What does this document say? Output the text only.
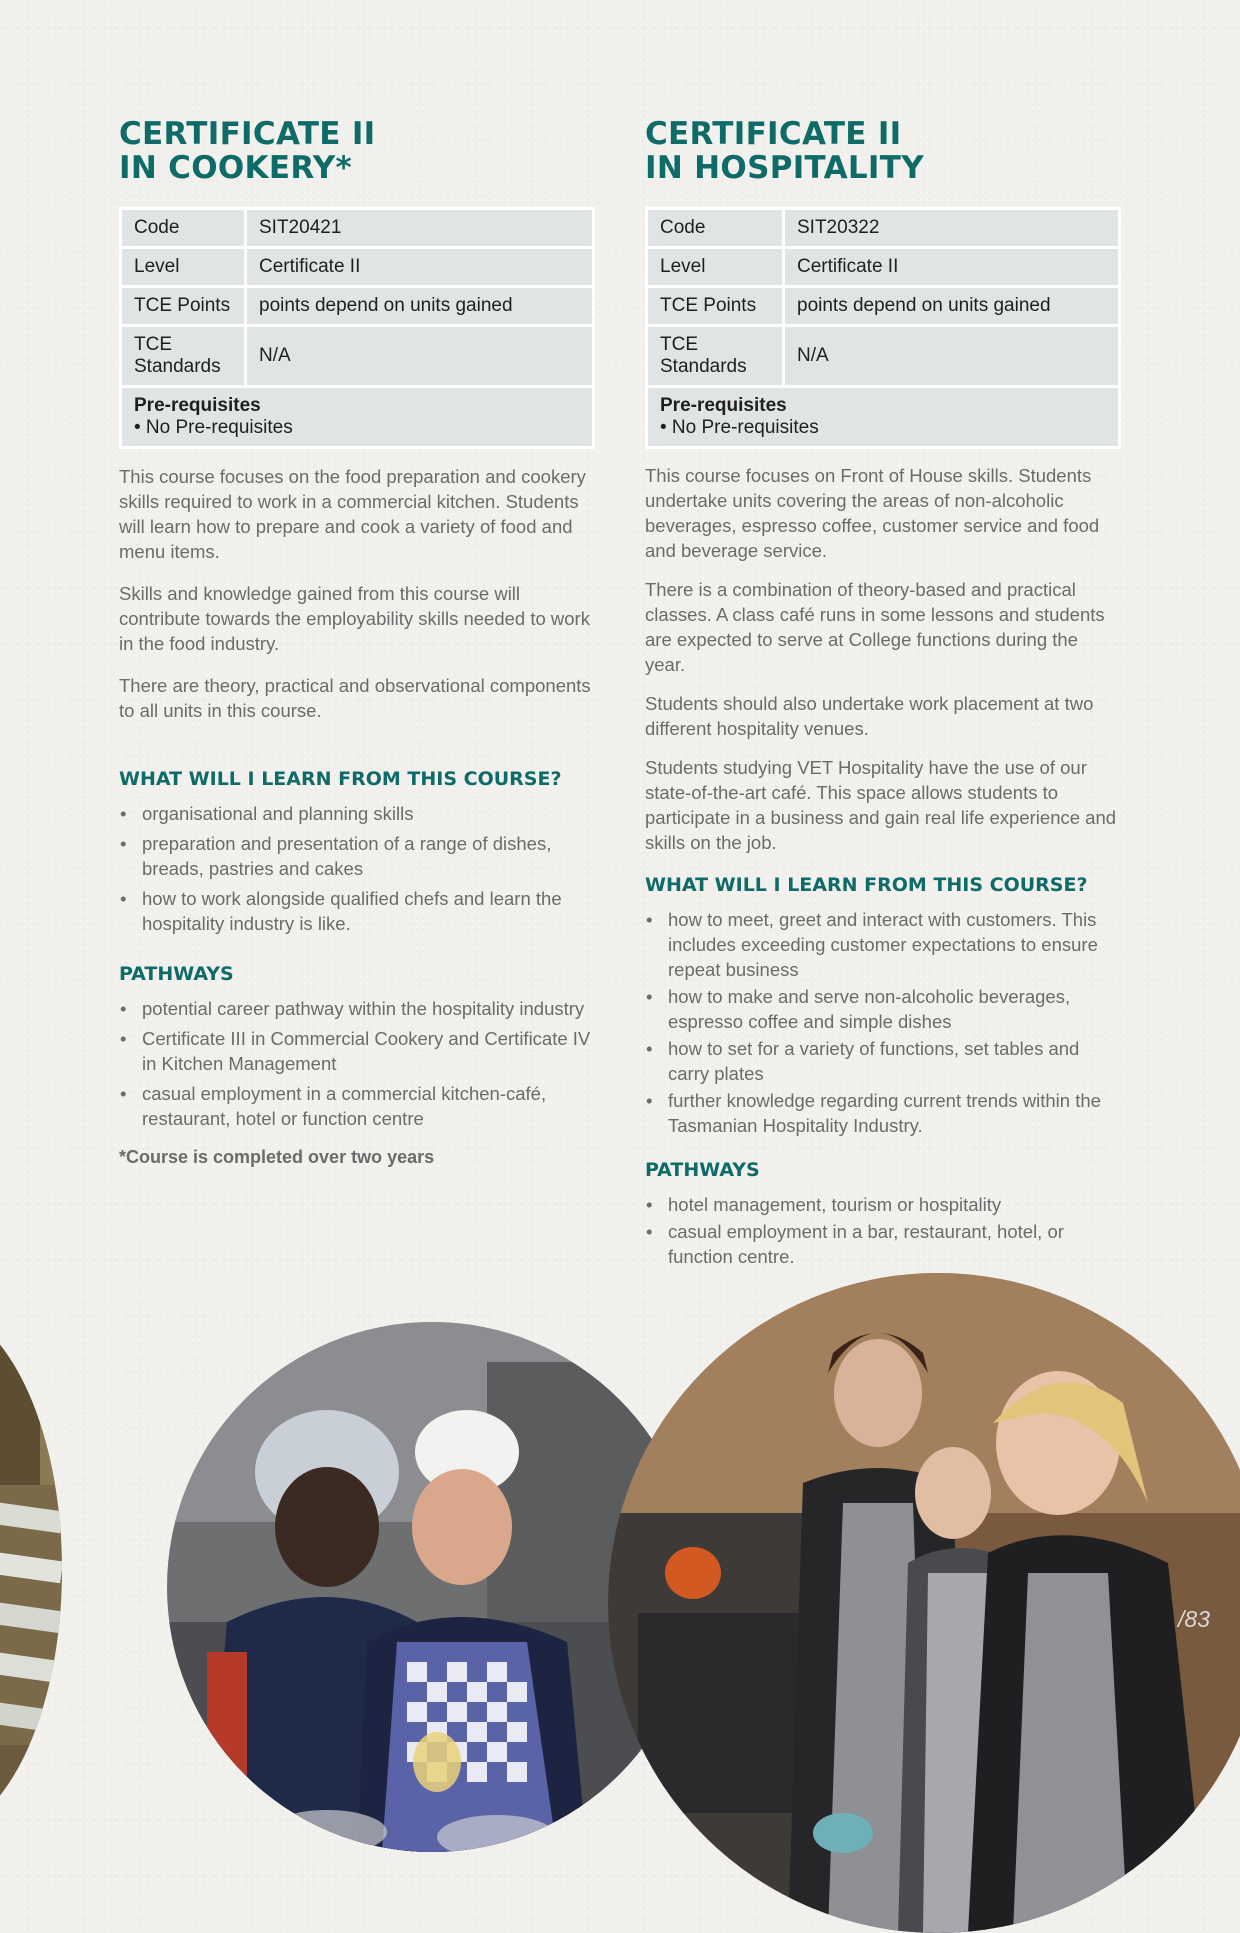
CERTIFICATE II
IN COOKERY*
Code	SIT20421
Level	Certificate II
TCE Points	points depend on units gained
TCE Standards	N/A

Pre-requisites
• No Pre-requisites	

This course focuses on the food preparation and cookery skills required to work in a commercial kitchen. Students will learn how to prepare and cook a variety of food and menu items.

Skills and knowledge gained from this course will contribute towards the employability skills needed to work in the food industry.

There are theory, practical and observational components to all units in this course.

WHAT WILL I LEARN FROM THIS COURSE?
• organisational and planning skills
• preparation and presentation of a range of dishes, breads, pastries and cakes
• how to work alongside qualified chefs and learn the hospitality industry is like.
PATHWAYS
• potential career pathway within the hospitality industry
• Certificate III in Commercial Cookery and Certificate IV in Kitchen Management
• casual employment in a commercial kitchen-café, restaurant, hotel or function centre
*Course is completed over two years
CERTIFICATE II
IN HOSPITALITY
Code	SIT20322
Level	Certificate II
TCE Points	points depend on units gained
TCE Standards	N/A

Pre-requisites
• No Pre-requisites	

This course focuses on Front of House skills. Students undertake units covering the areas of non-alcoholic beverages, espresso coffee, customer service and food and beverage service.

There is a combination of theory-based and practical classes. A class café runs in some lessons and students are expected to serve at College functions during the year.

Students should also undertake work placement at two different hospitality venues.

Students studying VET Hospitality have the use of our state-of-the-art café. This space allows students to participate in a business and gain real life experience and skills on the job.

WHAT WILL I LEARN FROM THIS COURSE?
• how to meet, greet and interact with customers. This includes exceeding customer expectations to ensure repeat business
• how to make and serve non-alcoholic beverages, espresso coffee and simple dishes
• how to set for a variety of functions, set tables and carry plates
• further knowledge regarding current trends within the Tasmanian Hospitality Industry.
PATHWAYS
• hotel management, tourism or hospitality
• casual employment in a bar, restaurant, hotel, or function centre.
/83
